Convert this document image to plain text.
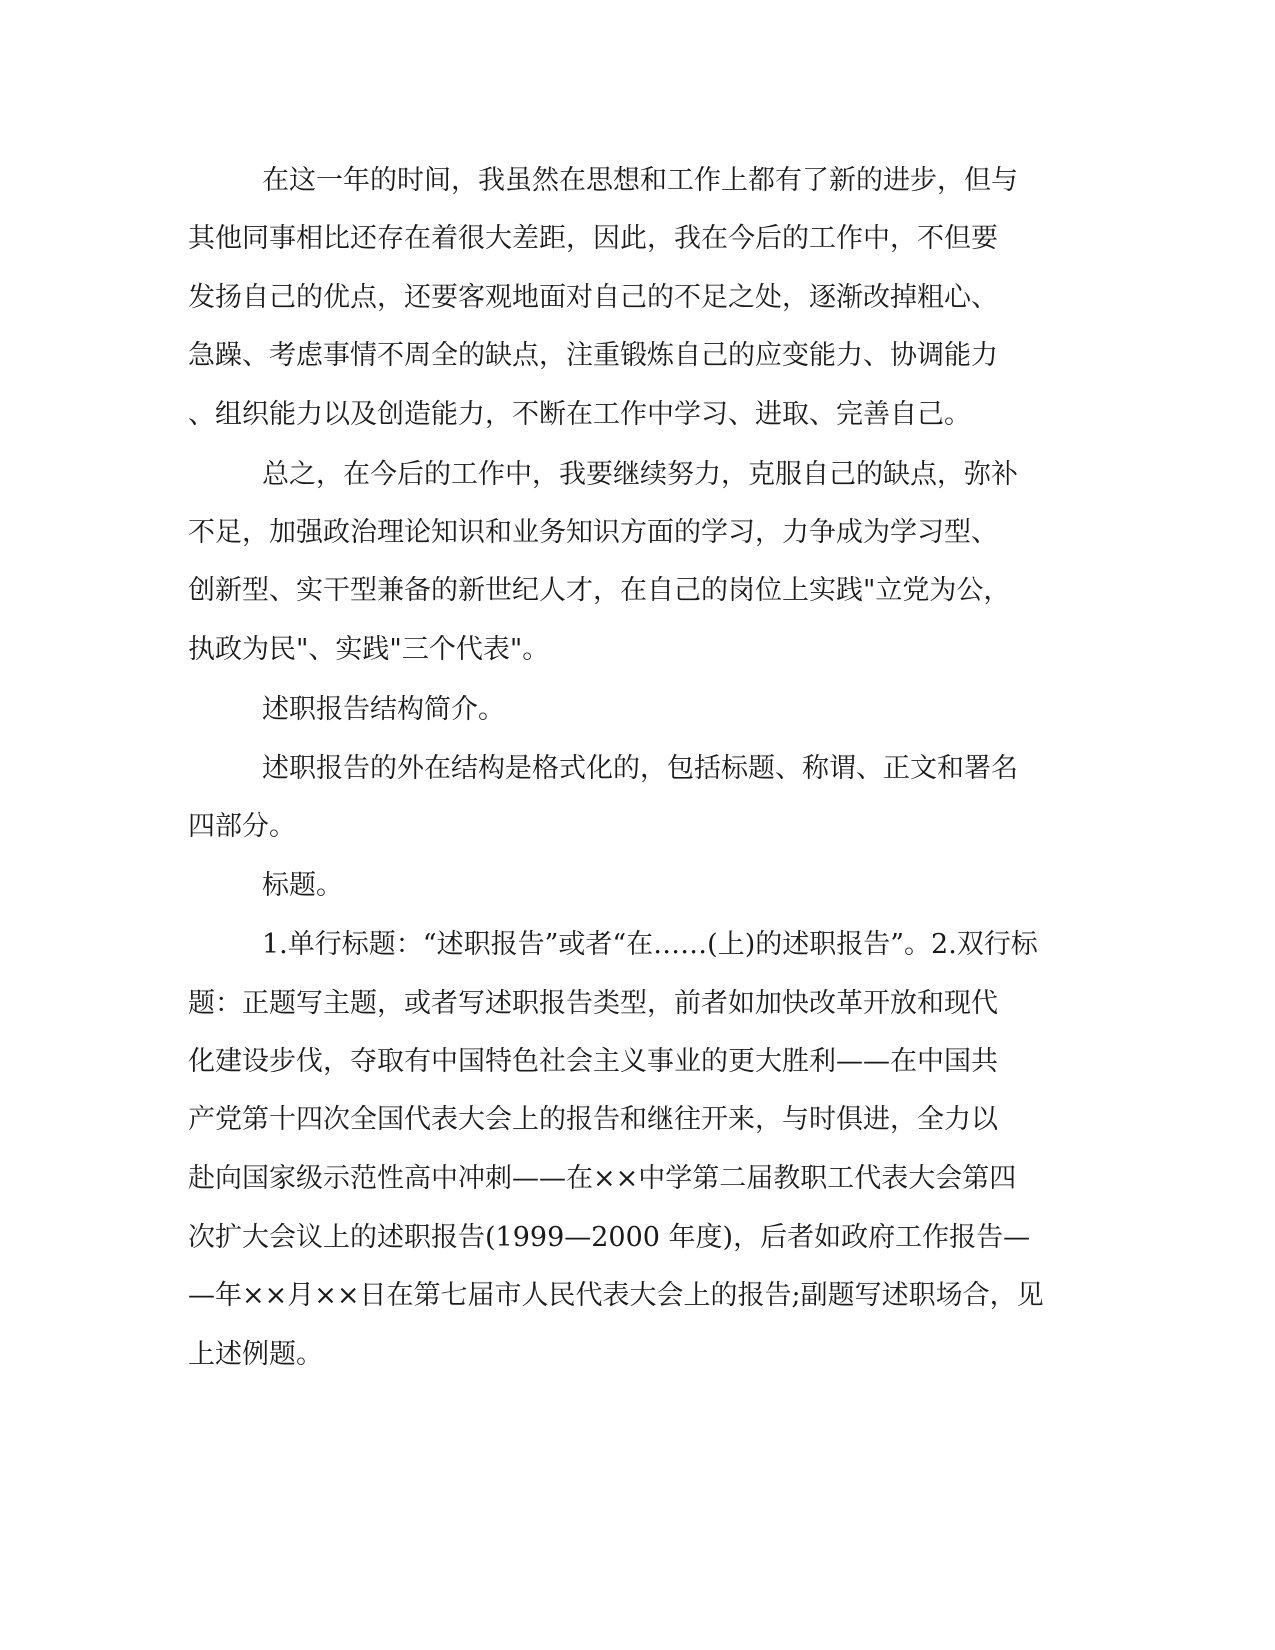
在这一年的时间，我虽然在思想和工作上都有了新的进步，但与

其他同事相比还存在着很大差距，因此，我在今后的工作中，不但要

发扬自己的优点，还要客观地面对自己的不足之处，逐渐改掉粗心、

急躁、考虑事情不周全的缺点，注重锻炼自己的应变能力、协调能力

、组织能力以及创造能力，不断在工作中学习、进取、完善自己。

总之，在今后的工作中，我要继续努力，克服自己的缺点，弥补

不足，加强政治理论知识和业务知识方面的学习，力争成为学习型、

创新型、实干型兼备的新世纪人才，在自己的岗位上实践"立党为公，

执政为民"、实践"三个代表"。

述职报告结构简介。

述职报告的外在结构是格式化的，包括标题、称谓、正文和署名

四部分。

标题。

1.单行标题：“述职报告”或者“在……(上)的述职报告”。2.双行标

题：正题写主题，或者写述职报告类型，前者如加快改革开放和现代

化建设步伐，夺取有中国特色社会主义事业的更大胜利——在中国共

产党第十四次全国代表大会上的报告和继往开来，与时俱进，全力以

赴向国家级示范性高中冲刺——在××中学第二届教职工代表大会第四

次扩大会议上的述职报告(1999—2000 年度)，后者如政府工作报告—

—年××月××日在第七届市人民代表大会上的报告;副题写述职场合，见

上述例题。
